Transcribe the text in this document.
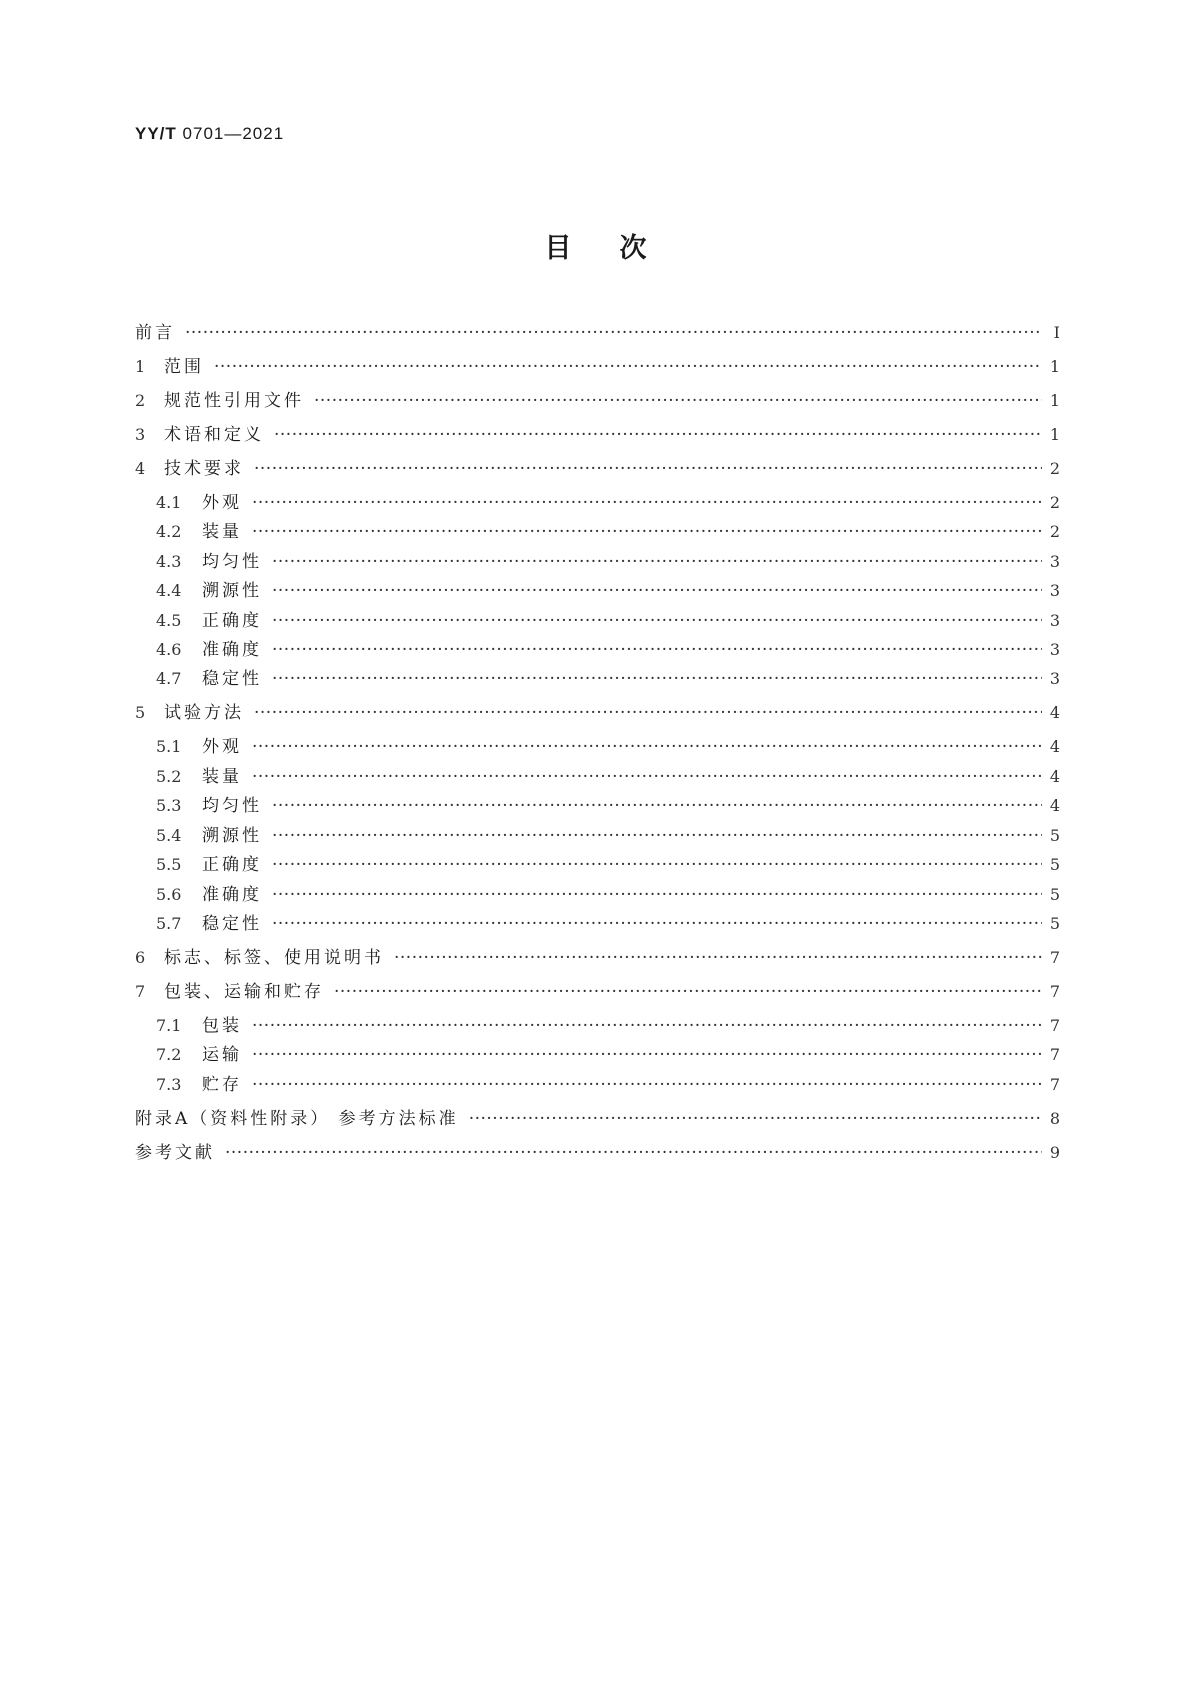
YY/T 0701—2021
目次
前言 ·····	Ⅰ
1	范围 ·····	1
2	规范性引用文件 ·····	1
3	术语和定义 ·····	1
4	技术要求 ·····	2
4.1	外观 ·····	2
4.2	装量 ·····	2
4.3	均匀性 ·····	3
4.4	溯源性 ·····	3
4.5	正确度 ·····	3
4.6	准确度 ·····	3
4.7	稳定性 ·····	3
5	试验方法 ·····	4
5.1	外观 ·····	4
5.2	装量 ·····	4
5.3	均匀性 ·····	4
5.4	溯源性 ·····	5
5.5	正确度 ·····	5
5.6	准确度 ·····	5
5.7	稳定性 ·····	5
6	标志、标签、使用说明书 ·····	7
7	包装、运输和贮存 ·····	7
7.1	包装 ·····	7
7.2	运输 ·····	7
7.3	贮存 ·····	7
附录A（资料性附录） 参考方法标准 ·····	8
参考文献 ·····	9
